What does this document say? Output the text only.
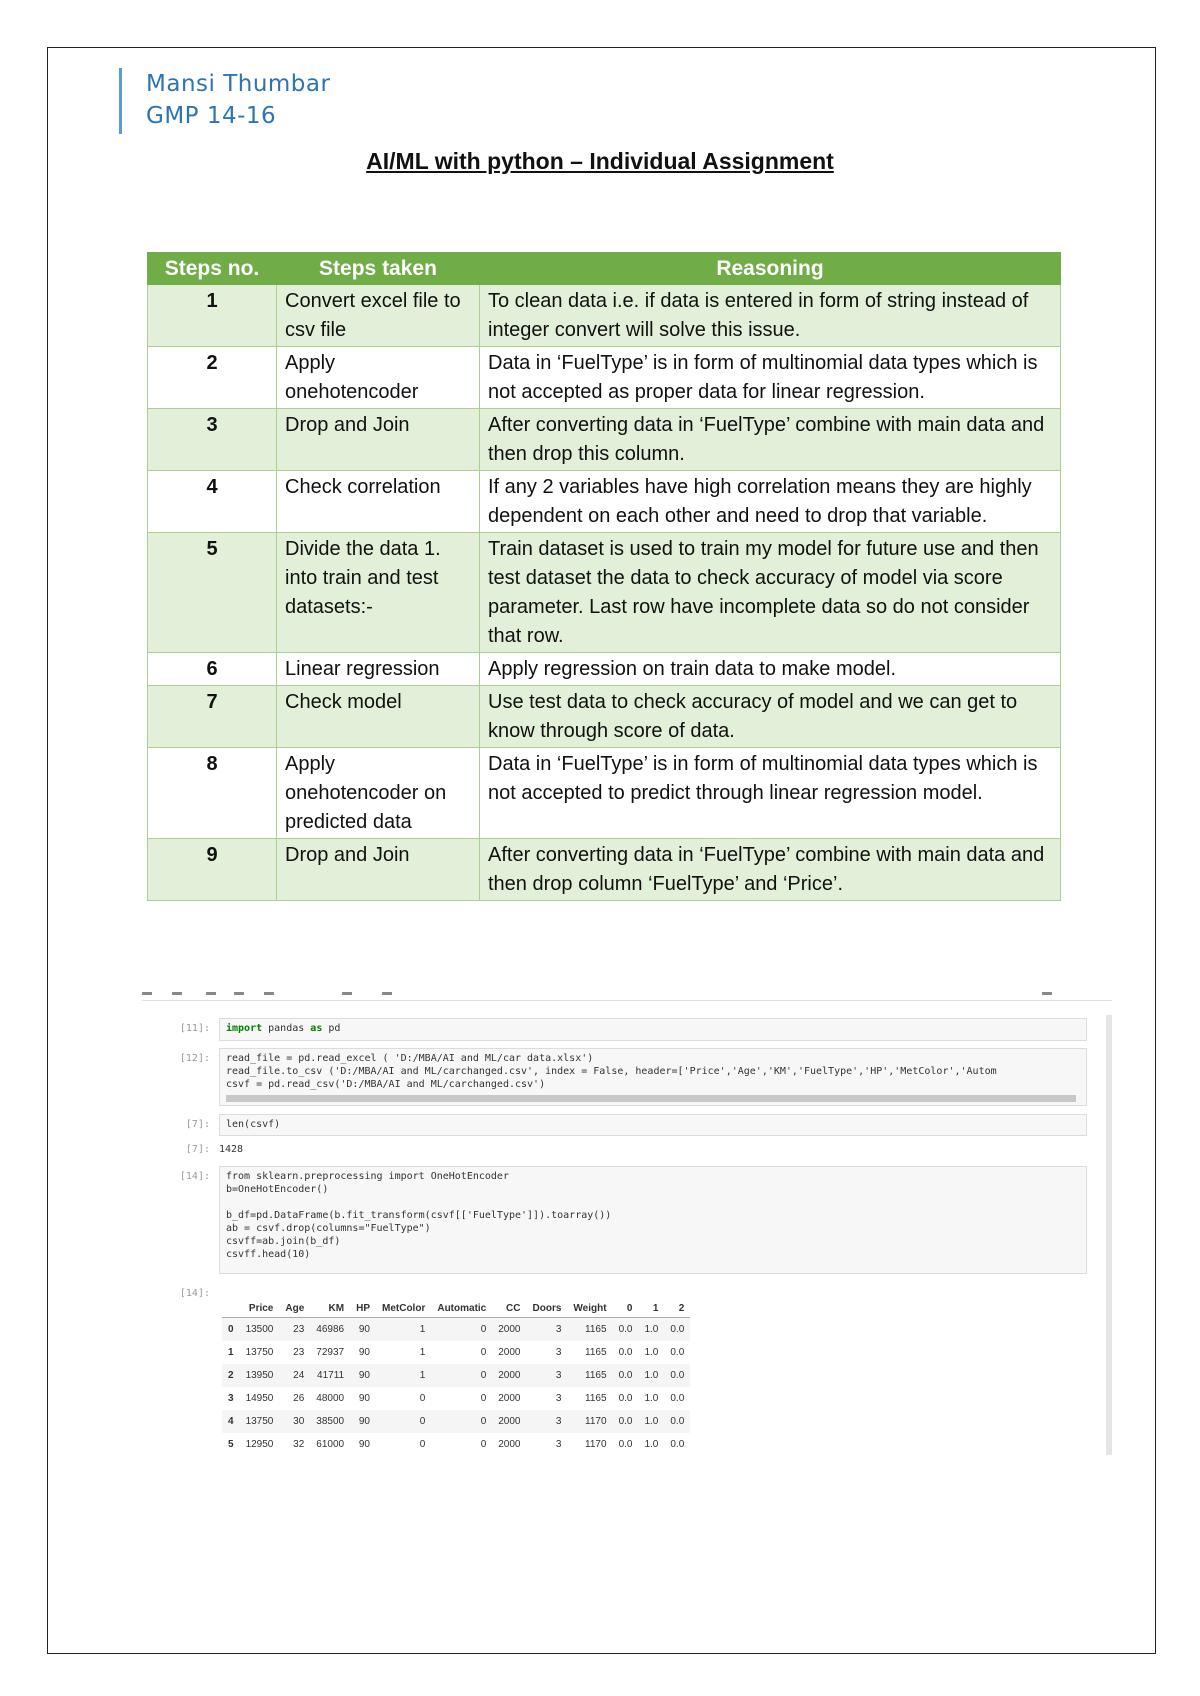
Mansi Thumbar
GMP 14-16
AI/ML with python – Individual Assignment
Steps no.	Steps taken	Reasoning
1	Convert excel file to csv file	To clean data i.e. if data is entered in form of string instead of integer convert will solve this issue.
2	Apply onehotencoder	Data in ‘FuelType’ is in form of multinomial data types which is not accepted as proper data for linear regression.
3	Drop and Join	After converting data in ‘FuelType’ combine with main data and then drop this column.
4	Check correlation	If any 2 variables have high correlation means they are highly dependent on each other and need to drop that variable.
5	Divide the data 1. into train and test datasets:-	Train dataset is used to train my model for future use and then test dataset the data to check accuracy of model via score parameter. Last row have incomplete data so do not consider that row.
6	Linear regression	Apply regression on train data to make model.
7	Check model	Use test data to check accuracy of model and we can get to know through score of data.
8	Apply onehotencoder on predicted data	Data in ‘FuelType’ is in form of multinomial data types which is not accepted to predict through linear regression model.
9	Drop and Join	After converting data in ‘FuelType’ combine with main data and then drop column ‘FuelType’ and ‘Price’.
[11]:	import pandas as pd
[12]: read_file = pd.read_excel ( 'D:/MBA/AI and ML/car data.xlsx')
read_file.to_csv ('D:/MBA/AI and ML/carchanged.csv', index = False, header=['Price','Age','KM','FuelType','HP','MetColor','Autom
csvf = pd.read_csv('D:/MBA/AI and ML/carchanged.csv')
[7]:	len(csvf)
[7]: 1428
[14]: from sklearn.preprocessing import OneHotEncoder
b=OneHotEncoder()

b_df=pd.DataFrame(b.fit_transform(csvf[['FuelType']]).toarray())
ab = csvf.drop(columns="FuelType")
csvff=ab.join(b_df)
csvff.head(10)
[14]:
	Price	Age	KM	HP	MetColor	Automatic	CC	Doors	Weight	0	1	2
0	13500	23	46986	90	1	0	2000	3	1165	0.0	1.0	0.0
1	13750	23	72937	90	1	0	2000	3	1165	0.0	1.0	0.0
2	13950	24	41711	90	1	0	2000	3	1165	0.0	1.0	0.0
3	14950	26	48000	90	0	0	2000	3	1165	0.0	1.0	0.0
4	13750	30	38500	90	0	0	2000	3	1170	0.0	1.0	0.0
5	12950	32	61000	90	0	0	2000	3	1170	0.0	1.0	0.0
